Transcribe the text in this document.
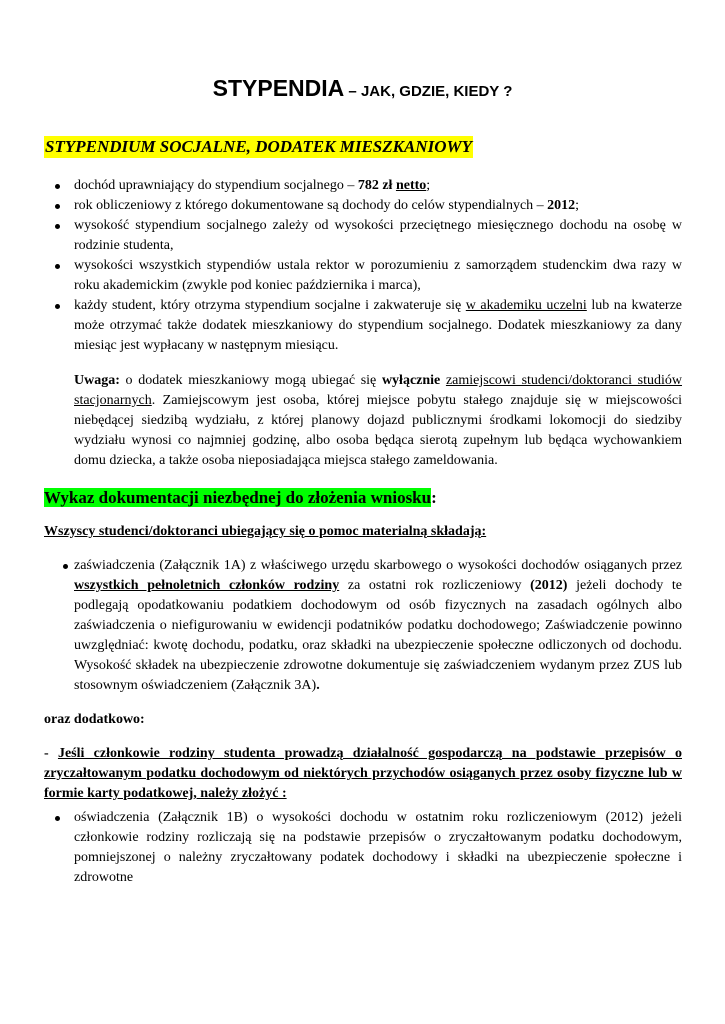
STYPENDIA – JAK, GDZIE, KIEDY ?
STYPENDIUM SOCJALNE, DODATEK MIESZKANIOWY
dochód uprawniający do stypendium socjalnego – 782 zł netto;
rok obliczeniowy z którego dokumentowane są dochody do celów stypendialnych – 2012;
wysokość stypendium socjalnego zależy od wysokości przeciętnego miesięcznego dochodu na osobę w rodzinie studenta,
wysokości wszystkich stypendiów ustala rektor w porozumieniu z samorządem studenckim dwa razy w roku akademickim (zwykle pod koniec października i marca),
każdy student, który otrzyma stypendium socjalne i zakwateruje się w akademiku uczelni lub na kwaterze może otrzymać także dodatek mieszkaniowy do stypendium socjalnego. Dodatek mieszkaniowy za dany miesiąc jest wypłacany w następnym miesiącu.
Uwaga: o dodatek mieszkaniowy mogą ubiegać się wyłącznie zamiejscowi studenci/doktoranci studiów stacjonarnych. Zamiejscowym jest osoba, której miejsce pobytu stałego znajduje się w miejscowości niebędącej siedzibą wydziału, z której planowy dojazd publicznymi środkami lokomocji do siedziby wydziału wynosi co najmniej godzinę, albo osoba będąca sierotą zupełnym lub będąca wychowankiem domu dziecka, a także osoba nieposiadająca miejsca stałego zameldowania.
Wykaz dokumentacji niezbędnej do złożenia wniosku:
Wszyscy studenci/doktoranci ubiegający się o pomoc materialną składają:
zaświadczenia (Załącznik 1A) z właściwego urzędu skarbowego o wysokości dochodów osiąganych przez wszystkich pełnoletnich członków rodziny za ostatni rok rozliczeniowy (2012) jeżeli dochody te podlegają opodatkowaniu podatkiem dochodowym od osób fizycznych na zasadach ogólnych albo zaświadczenia o niefigurowaniu w ewidencji podatników podatku dochodowego; Zaświadczenie powinno uwzględniać: kwotę dochodu, podatku, oraz składki na ubezpieczenie społeczne odliczonych od dochodu. Wysokość składek na ubezpieczenie zdrowotne dokumentuje się zaświadczeniem wydanym przez ZUS lub stosownym oświadczeniem (Załącznik 3A).
oraz dodatkowo:
- Jeśli członkowie rodziny studenta prowadzą działalność gospodarczą na podstawie przepisów o zryczałtowanym podatku dochodowym od niektórych przychodów osiąganych przez osoby fizyczne lub w formie karty podatkowej, należy złożyć :
oświadczenia (Załącznik 1B) o wysokości dochodu w ostatnim roku rozliczeniowym (2012) jeżeli członkowie rodziny rozliczają się na podstawie przepisów o zryczałtowanym podatku dochodowym, pomniejszonej o należny zryczałtowany podatek dochodowy i składki na ubezpieczenie społeczne i zdrowotne
